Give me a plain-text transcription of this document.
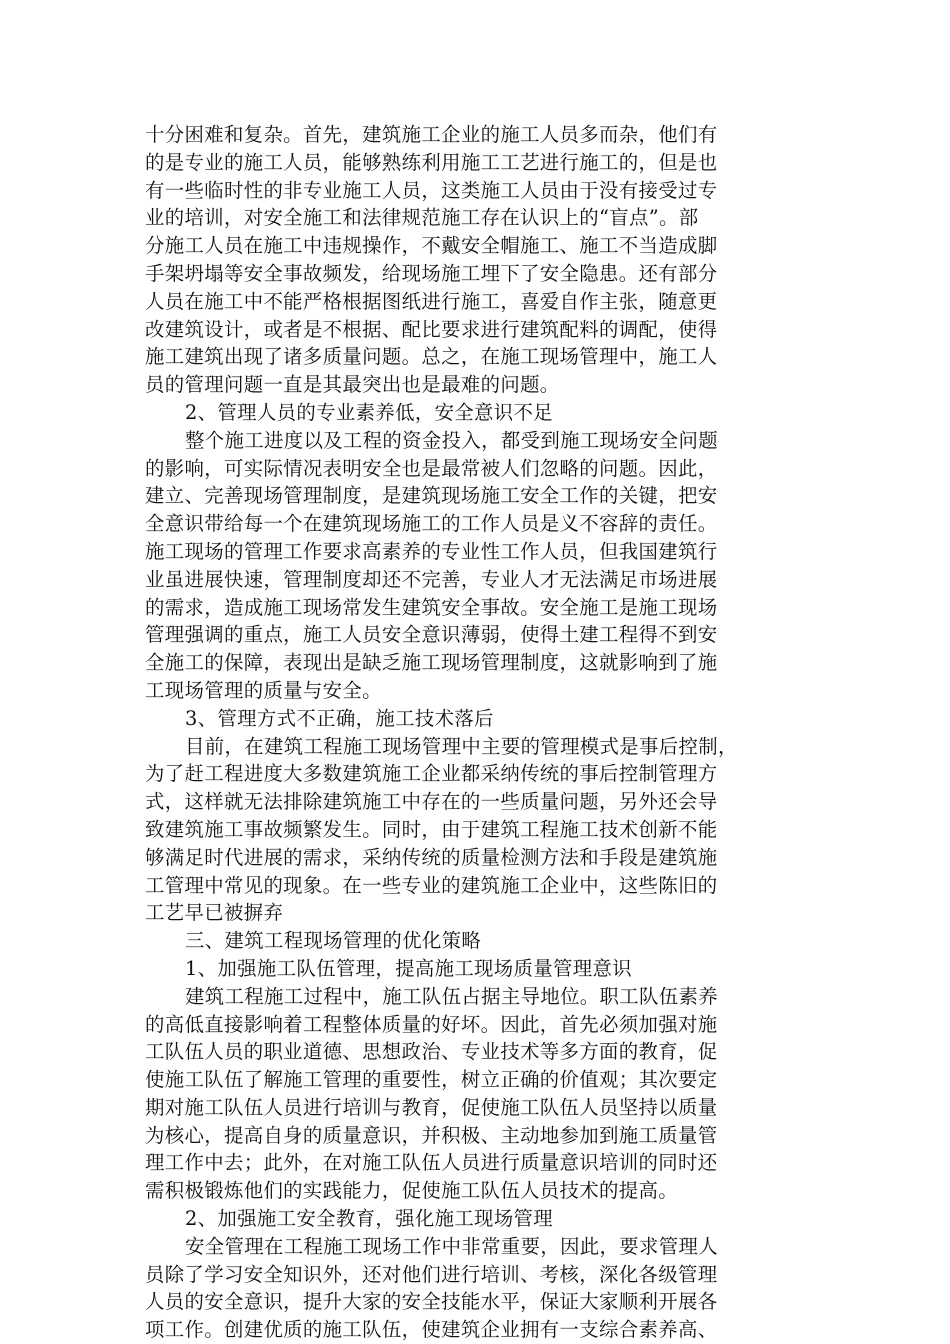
十分困难和复杂。首先，建筑施工企业的施工人员多而杂，他们有
的是专业的施工人员，能够熟练利用施工工艺进行施工的，但是也
有一些临时性的非专业施工人员，这类施工人员由于没有接受过专
业的培训，对安全施工和法律规范施工存在认识上的“盲点”。部
分施工人员在施工中违规操作，不戴安全帽施工、施工不当造成脚
手架坍塌等安全事故频发，给现场施工埋下了安全隐患。还有部分
人员在施工中不能严格根据图纸进行施工，喜爱自作主张，随意更
改建筑设计，或者是不根据、配比要求进行建筑配料的调配，使得
施工建筑出现了诸多质量问题。总之，在施工现场管理中，施工人
员的管理问题一直是其最突出也是最难的问题。
2、管理人员的专业素养低，安全意识不足
整个施工进度以及工程的资金投入，都受到施工现场安全问题
的影响，可实际情况表明安全也是最常被人们忽略的问题。因此，
建立、完善现场管理制度，是建筑现场施工安全工作的关键，把安
全意识带给每一个在建筑现场施工的工作人员是义不容辞的责任。
施工现场的管理工作要求高素养的专业性工作人员，但我国建筑行
业虽进展快速，管理制度却还不完善，专业人才无法满足市场进展
的需求，造成施工现场常发生建筑安全事故。安全施工是施工现场
管理强调的重点，施工人员安全意识薄弱，使得土建工程得不到安
全施工的保障，表现出是缺乏施工现场管理制度，这就影响到了施
工现场管理的质量与安全。
3、管理方式不正确，施工技术落后
目前，在建筑工程施工现场管理中主要的管理模式是事后控制，
为了赶工程进度大多数建筑施工企业都采纳传统的事后控制管理方
式，这样就无法排除建筑施工中存在的一些质量问题，另外还会导
致建筑施工事故频繁发生。同时，由于建筑工程施工技术创新不能
够满足时代进展的需求，采纳传统的质量检测方法和手段是建筑施
工管理中常见的现象。在一些专业的建筑施工企业中，这些陈旧的
工艺早已被摒弃
三、建筑工程现场管理的优化策略
1、加强施工队伍管理，提高施工现场质量管理意识
建筑工程施工过程中，施工队伍占据主导地位。职工队伍素养
的高低直接影响着工程整体质量的好坏。因此，首先必须加强对施
工队伍人员的职业道德、思想政治、专业技术等多方面的教育，促
使施工队伍了解施工管理的重要性，树立正确的价值观；其次要定
期对施工队伍人员进行培训与教育，促使施工队伍人员坚持以质量
为核心，提高自身的质量意识，并积极、主动地参加到施工质量管
理工作中去；此外，在对施工队伍人员进行质量意识培训的同时还
需积极锻炼他们的实践能力，促使施工队伍人员技术的提高。
2、加强施工安全教育，强化施工现场管理
安全管理在工程施工现场工作中非常重要，因此，要求管理人
员除了学习安全知识外，还对他们进行培训、考核，深化各级管理
人员的安全意识，提升大家的安全技能水平，保证大家顺利开展各
项工作。创建优质的施工队伍，使建筑企业拥有一支综合素养高、
